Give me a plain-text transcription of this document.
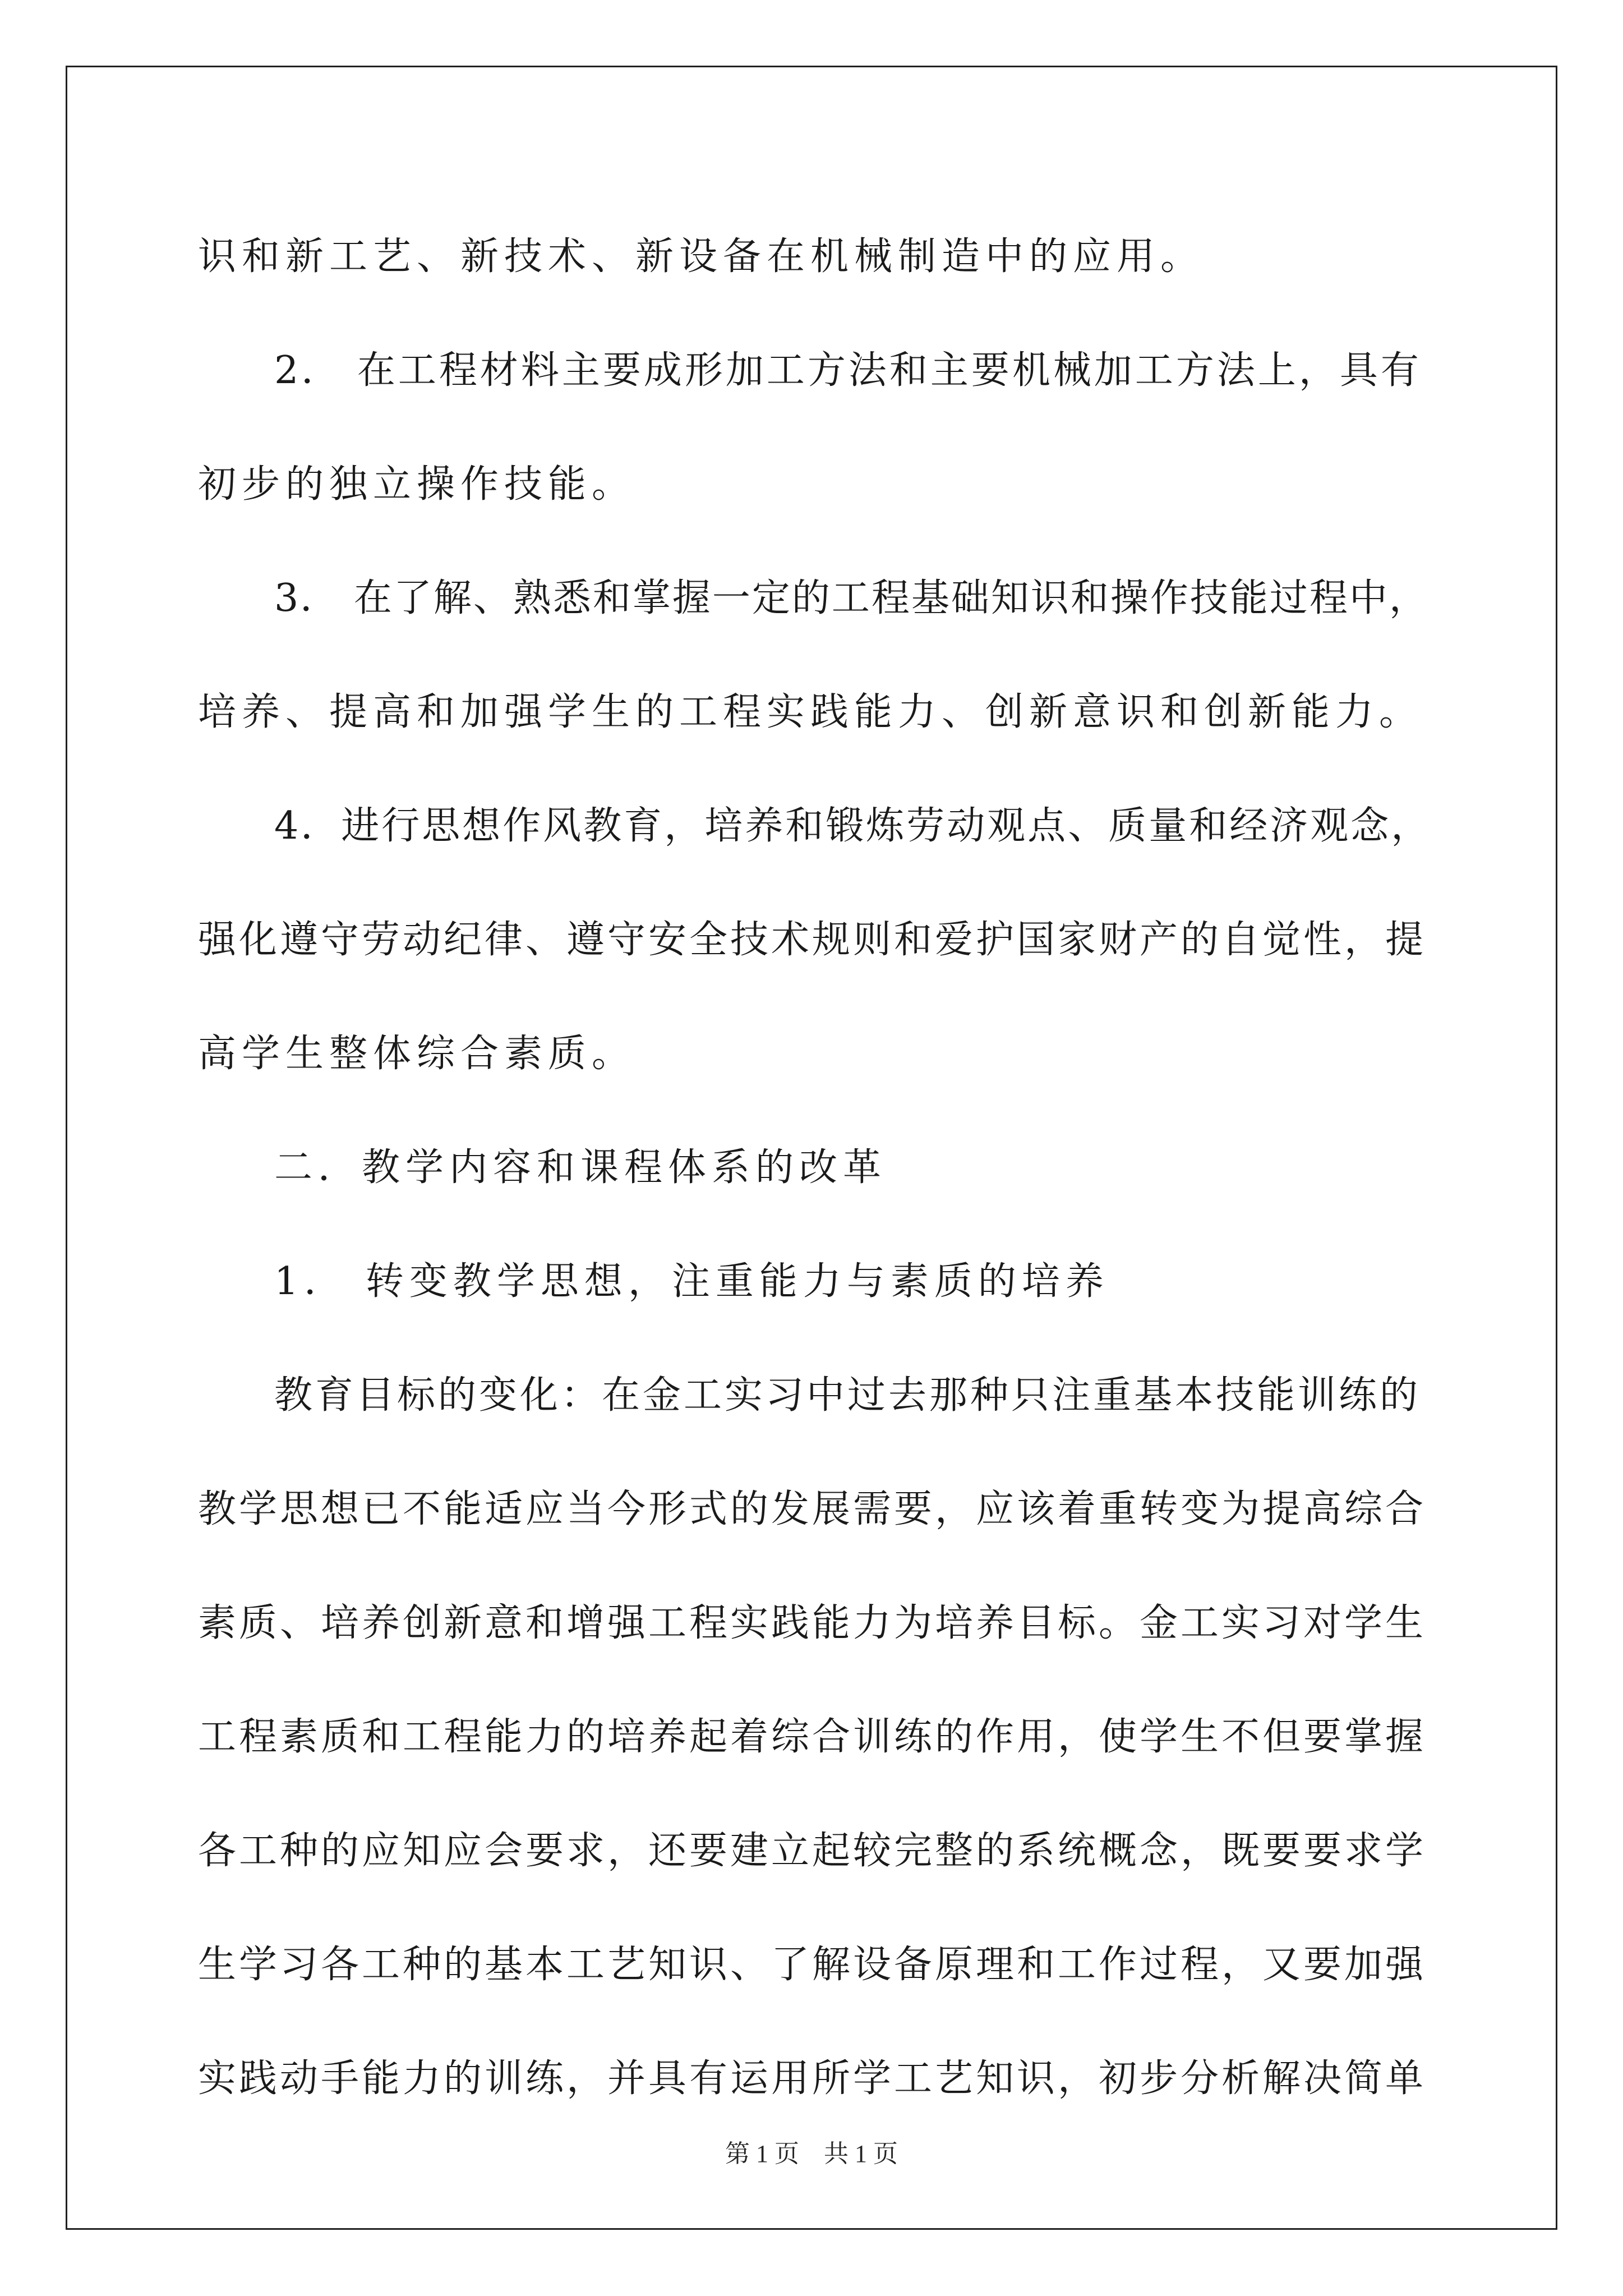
识和新工艺、新技术、新设备在机械制造中的应用。
2． 在工程材料主要成形加工方法和主要机械加工方法上，具有
初步的独立操作技能。
3． 在了解、熟悉和掌握一定的工程基础知识和操作技能过程中，
培养、提高和加强学生的工程实践能力、创新意识和创新能力。
4．进行思想作风教育，培养和锻炼劳动观点、质量和经济观念，
强化遵守劳动纪律、遵守安全技术规则和爱护国家财产的自觉性，提
高学生整体综合素质。
二．教学内容和课程体系的改革
1． 转变教学思想，注重能力与素质的培养
教育目标的变化：在金工实习中过去那种只注重基本技能训练的
教学思想已不能适应当今形式的发展需要，应该着重转变为提高综合
素质、培养创新意和增强工程实践能力为培养目标。金工实习对学生
工程素质和工程能力的培养起着综合训练的作用，使学生不但要掌握
各工种的应知应会要求，还要建立起较完整的系统概念，既要要求学
生学习各工种的基本工艺知识、了解设备原理和工作过程，又要加强
实践动手能力的训练，并具有运用所学工艺知识，初步分析解决简单
第 1 页    共 1 页
